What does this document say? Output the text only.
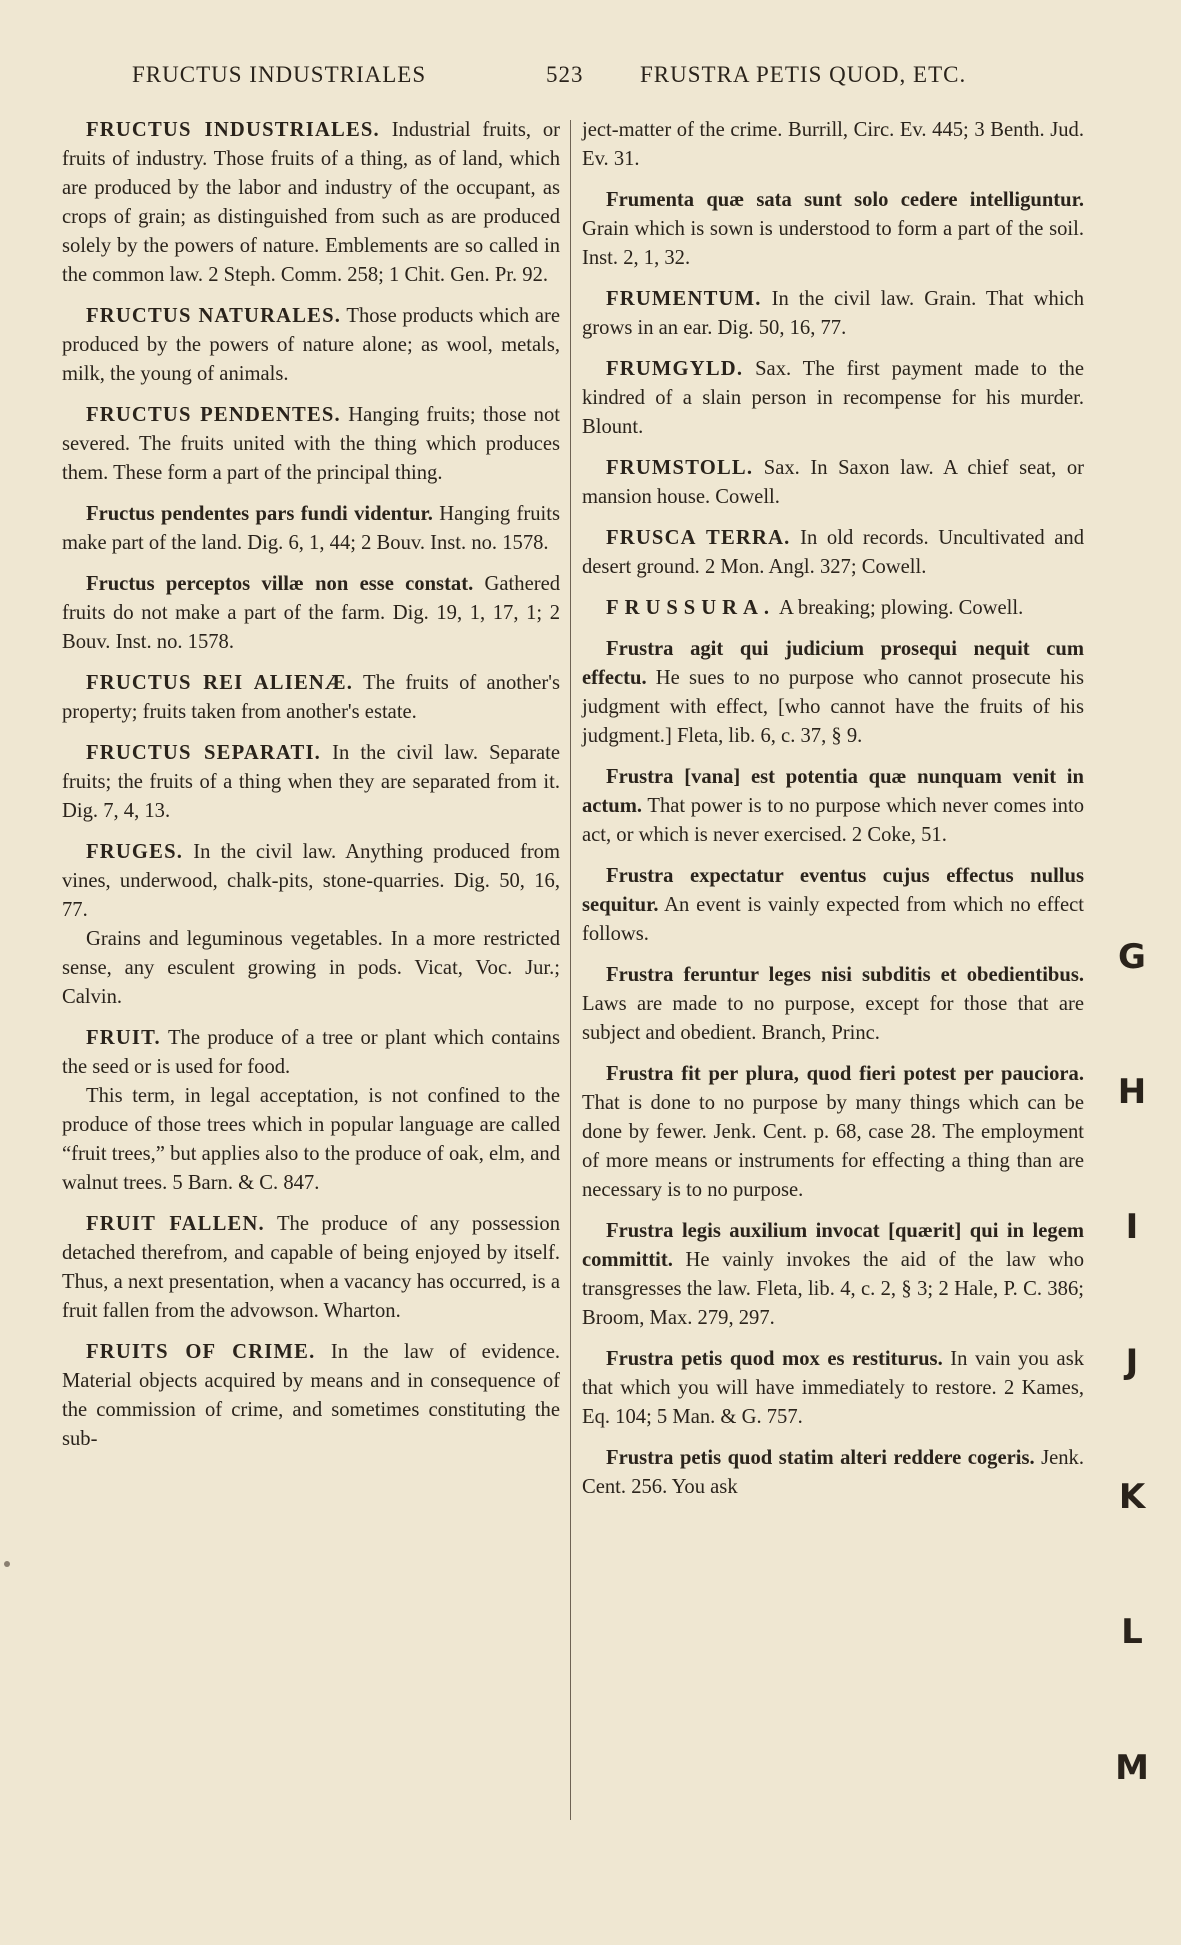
FRUCTUS INDUSTRIALES	523 FRUSTRA PETIS QUOD, ETC.
FRUCTUS INDUSTRIALES. Industrial fruits, or fruits of industry. Those fruits of a thing, as of land, which are produced by the labor and industry of the occupant, as crops of grain; as distinguished from such as are produced solely by the powers of nature. Emblements are so called in the common law. 2 Steph. Comm. 258; 1 Chit. Gen. Pr. 92.
FRUCTUS NATURALES. Those products which are produced by the powers of nature alone; as wool, metals, milk, the young of animals.
FRUCTUS PENDENTES. Hanging fruits; those not severed. The fruits united with the thing which produces them. These form a part of the principal thing.
Fructus pendentes pars fundi videntur. Hanging fruits make part of the land. Dig. 6, 1, 44; 2 Bouv. Inst. no. 1578.
Fructus perceptos villæ non esse constat. Gathered fruits do not make a part of the farm. Dig. 19, 1, 17, 1; 2 Bouv. Inst. no. 1578.
FRUCTUS REI ALIENÆ. The fruits of another's property; fruits taken from another's estate.
FRUCTUS SEPARATI. In the civil law. Separate fruits; the fruits of a thing when they are separated from it. Dig. 7, 4, 13.
FRUGES. In the civil law. Anything produced from vines, underwood, chalk-pits, stone-quarries. Dig. 50, 16, 77.

Grains and leguminous vegetables. In a more restricted sense, any esculent growing in pods. Vicat, Voc. Jur.; Calvin.

FRUIT. The produce of a tree or plant which contains the seed or is used for food.

This term, in legal acceptation, is not confined to the produce of those trees which in popular language are called “fruit trees,” but applies also to the produce of oak, elm, and walnut trees. 5 Barn. & C. 847.

FRUIT FALLEN. The produce of any possession detached therefrom, and capable of being enjoyed by itself. Thus, a next presentation, when a vacancy has occurred, is a fruit fallen from the advowson. Wharton.
FRUITS OF CRIME. In the law of evidence. Material objects acquired by means and in consequence of the commission of crime, and sometimes constituting the sub-
ject-matter of the crime. Burrill, Circ. Ev. 445; 3 Benth. Jud. Ev. 31.
Frumenta quæ sata sunt solo cedere intelliguntur. Grain which is sown is understood to form a part of the soil. Inst. 2, 1, 32.
FRUMENTUM. In the civil law. Grain. That which grows in an ear. Dig. 50, 16, 77.
FRUMGYLD. Sax. The first payment made to the kindred of a slain person in recompense for his murder. Blount.
FRUMSTOLL. Sax. In Saxon law. A chief seat, or mansion house. Cowell.
FRUSCA TERRA. In old records. Uncultivated and desert ground. 2 Mon. Angl. 327; Cowell.
FRUSSURA. A breaking; plowing. Cowell.
Frustra agit qui judicium prosequi nequit cum effectu. He sues to no purpose who cannot prosecute his judgment with effect, [who cannot have the fruits of his judgment.] Fleta, lib. 6, c. 37, § 9.
Frustra [vana] est potentia quæ nunquam venit in actum. That power is to no purpose which never comes into act, or which is never exercised. 2 Coke, 51.
Frustra expectatur eventus cujus effectus nullus sequitur. An event is vainly expected from which no effect follows.
Frustra feruntur leges nisi subditis et obedientibus. Laws are made to no purpose, except for those that are subject and obedient. Branch, Princ.
Frustra fit per plura, quod fieri potest per pauciora. That is done to no purpose by many things which can be done by fewer. Jenk. Cent. p. 68, case 28. The employment of more means or instruments for effecting a thing than are necessary is to no purpose.
Frustra legis auxilium invocat [quærit] qui in legem committit. He vainly invokes the aid of the law who transgresses the law. Fleta, lib. 4, c. 2, § 3; 2 Hale, P. C. 386; Broom, Max. 279, 297.
Frustra petis quod mox es restiturus. In vain you ask that which you will have immediately to restore. 2 Kames, Eq. 104; 5 Man. & G. 757.
Frustra petis quod statim alteri reddere cogeris. Jenk. Cent. 256. You ask
G
H
I
J
K
L
M
